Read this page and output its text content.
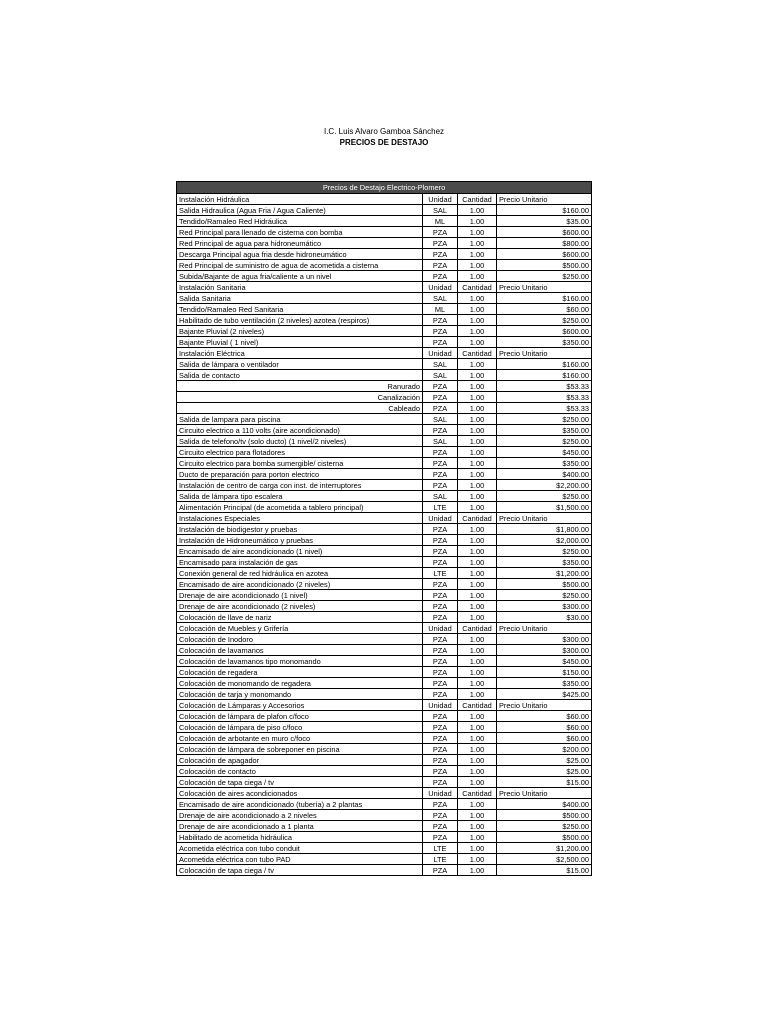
I.C. Luis Alvaro Gamboa Sánchez
PRECIOS DE DESTAJO
Precios de Destajo Electrico-Plomero			
Instalación Hidráulica	Unidad	Cantidad	Precio Unitario
Salida Hidraulica (Agua Fria / Agua Caliente)	SAL	1.00	$160.00
Tendido/Ramaleo Red Hidráulica	ML	1.00	$35.00
Red Principal para llenado de cisterna con bomba	PZA	1.00	$600.00
Red Principal de agua para hidroneumático	PZA	1.00	$800.00
Descarga Principal agua fria desde hidroneumático	PZA	1.00	$600.00
Red Principal de suministro de agua de acometida a cisterna	PZA	1.00	$500.00
Subida/Bajante de agua fria/caliente a un nivel	PZA	1.00	$250.00
Instalación Sanitaria	Unidad	Cantidad	Precio Unitario
Salida Sanitaria	SAL	1.00	$160.00
Tendido/Ramaleo Red Sanitaria	ML	1.00	$60.00
Habilitado de tubo ventilación (2 niveles) azotea (respiros)	PZA	1.00	$250.00
Bajante Pluvial (2 niveles)	PZA	1.00	$600.00
Bajante Pluvial ( 1 nivel)	PZA	1.00	$350.00
Instalación Eléctrica	Unidad	Cantidad	Precio Unitario
Salida de lámpara o ventilador	SAL	1.00	$160.00
Salida de contacto	SAL	1.00	$160.00
Ranurado	PZA	1.00	$53.33
Canalización	PZA	1.00	$53.33
Cableado	PZA	1.00	$53.33
Salida de lampara para piscina	SAL	1.00	$250.00
Circuito electrico a 110 volts (aire acondicionado)	PZA	1.00	$350.00
Salida de telefono/tv (solo ducto) (1 nivel/2 niveles)	SAL	1.00	$250.00
Circuito electrico para flotadores	PZA	1.00	$450.00
Circuito electrico para bomba sumergible/ cisterna	PZA	1.00	$350.00
Ducto de preparación para porton electrico	PZA	1.00	$400.00
Instalación de centro de carga con inst. de interruptores	PZA	1.00	$2,200.00
Salida de lámpara tipo escalera	SAL	1.00	$250.00
Alimentación Principal (de acometida a tablero principal)	LTE	1.00	$1,500.00
Instalaciones Especiales	Unidad	Cantidad	Precio Unitario
Instalación de biodigestor y pruebas	PZA	1.00	$1,800.00
Instalación de Hidroneumático y pruebas	PZA	1.00	$2,000.00
Encamisado de aire acondicionado (1 nivel)	PZA	1.00	$250.00
Encamisado para instalación de gas	PZA	1.00	$350.00
Conexión general de red hidráulica en azotea	LTE	1.00	$1,200.00
Encamisado de aire acondicionado (2 niveles)	PZA	1.00	$500.00
Drenaje de aire acondicionado (1 nivel)	PZA	1.00	$250.00
Drenaje de aire acondicionado (2 niveles)	PZA	1.00	$300.00
Colocación de llave de nariz	PZA	1.00	$30.00
Colocación de Muebles y Grifería	Unidad	Cantidad	Precio Unitario
Colocación de Inodoro	PZA	1.00	$300.00
Colocación de lavamanos	PZA	1.00	$300.00
Colocación de lavamanos tipo monomando	PZA	1.00	$450.00
Colocación de regadera	PZA	1.00	$150.00
Colocación de monomando de regadera	PZA	1.00	$350.00
Colocación de tarja y monomando	PZA	1.00	$425.00
Colocación de Lámparas y Accesorios	Unidad	Cantidad	Precio Unitario
Colocación de lámpara de plafon c/foco	PZA	1.00	$60.00
Colocación de lámpara de piso c/foco	PZA	1.00	$60.00
Colocación de arbotante en muro c/foco	PZA	1.00	$60.00
Colocación de lámpara de sobreponer en piscina	PZA	1.00	$200.00
Colocación de apagador	PZA	1.00	$25.00
Colocación de contacto	PZA	1.00	$25.00
Colocación de tapa ciega / tv	PZA	1.00	$15.00
Colocación de aires acondicionados	Unidad	Cantidad	Precio Unitario
Encamisado de aire acondicionado (tubería) a 2 plantas	PZA	1.00	$400.00
Drenaje de aire acondicionado a 2 niveles	PZA	1.00	$500.00
Drenaje de aire acondicionado a 1 planta	PZA	1.00	$250.00
Habilitado de acometida hidráulica	PZA	1.00	$500.00
Acometida eléctrica con tubo conduit	LTE	1.00	$1,200.00
Acometida eléctrica con tubo PAD	LTE	1.00	$2,500.00
Colocación de tapa ciega / tv	PZA	1.00	$15.00
